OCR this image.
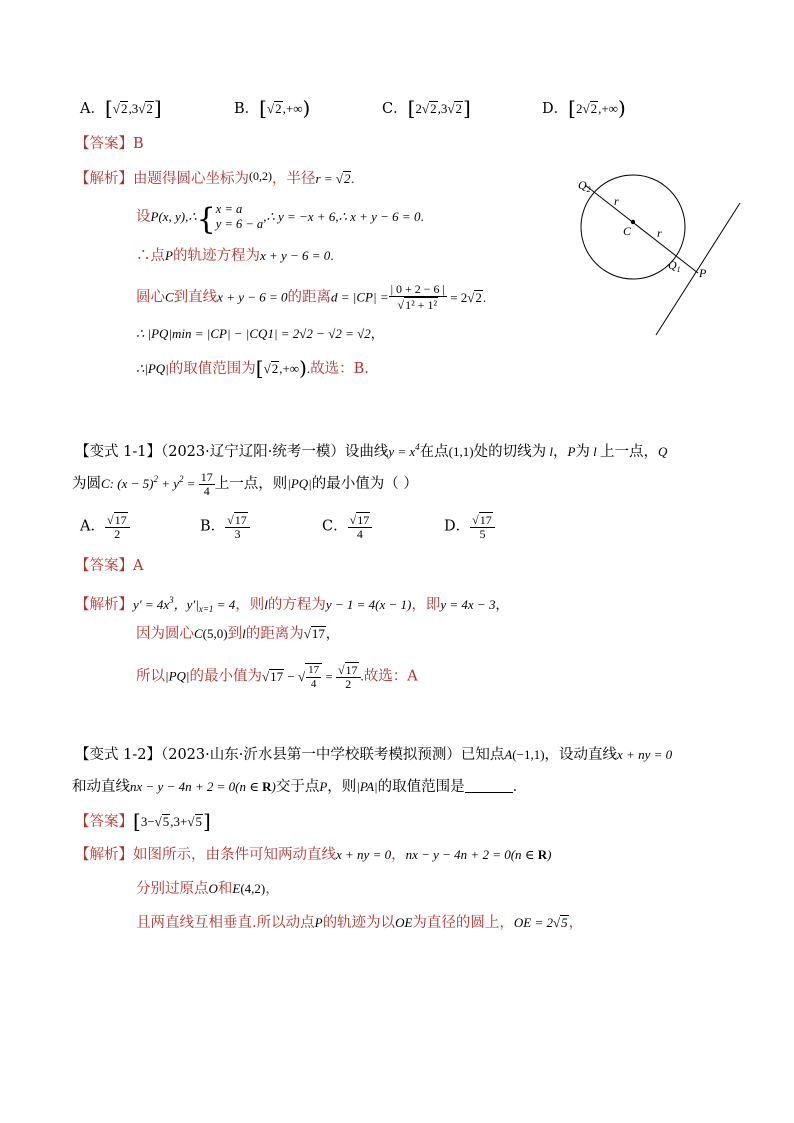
A．[√2,3√2]	B．[√2,+∞)	C．[2√2,3√2]	D．[2√2,+∞)
【答案】B
【解析】由题得圆心坐标为$^{(0,2)}$，半径r = √2.
设P(x, y),∴{ x = a
y = 6 − a ,∴ y = −x + 6,∴ x + y − 6 = 0.
∴点P的轨迹方程为x + y − 6 = 0.
圆心C到直线x + y − 6 = 0的距离$d = |CP| = \frac{| 0 + 2 - 6 |}{\text{√1² + 1²}} = 2√2$.
∴ |PQ|min = |CP| − |CQ1| = 2√2 − √2 = √2，
∴|PQ|的取值范围为[√2,+∞).故选：B.
$Q_2$
r
C r
$Q_1$ P
【变式 1-1】（2023·辽宁辽阳·统考一模）设曲线$y = x^4$在点(1,1)处的切线为 l，P为 l 上一点，Q
为圆C: $(x - 5)^2 + y^2 = \frac{17}{4}$ 上一点，则|PQ|的最小值为（ ）
A． $\frac{√17}{2}$	B． $\frac{√17}{3}$	C． $\frac{√17}{4}$	D． $\frac{√17}{5}$
【答案】A
【解析】$y' = 4x^3$，$y'|_{x=1} = 4$，则l的方程为y − 1 = 4(x − 1)，即y = 4x − 3，
因为圆心C(5,0)到l的距离为√17，
所以|PQ|的最小值为√17 − √ $\frac{17}{4} = \frac{√17}{2}$ .故选：A
【变式 1-2】（2023·山东·沂水县第一中学校联考模拟预测）已知点A(−1,1)，设动直线x + ny = 0
和动直线nx − y − 4n + 2 = 0(n ∈ R)交于点P，则|PA|的取值范围是	．
【答案】[3−√5,3+√5]
【解析】如图所示，由条件可知两动直线x + ny = 0，nx − y − 4n + 2 = 0(n ∈ R)
分别过原点O和E(4,2)，
且两直线互相垂直.所以动点P的轨迹为以OE为直径的圆上，OE = 2√5，
